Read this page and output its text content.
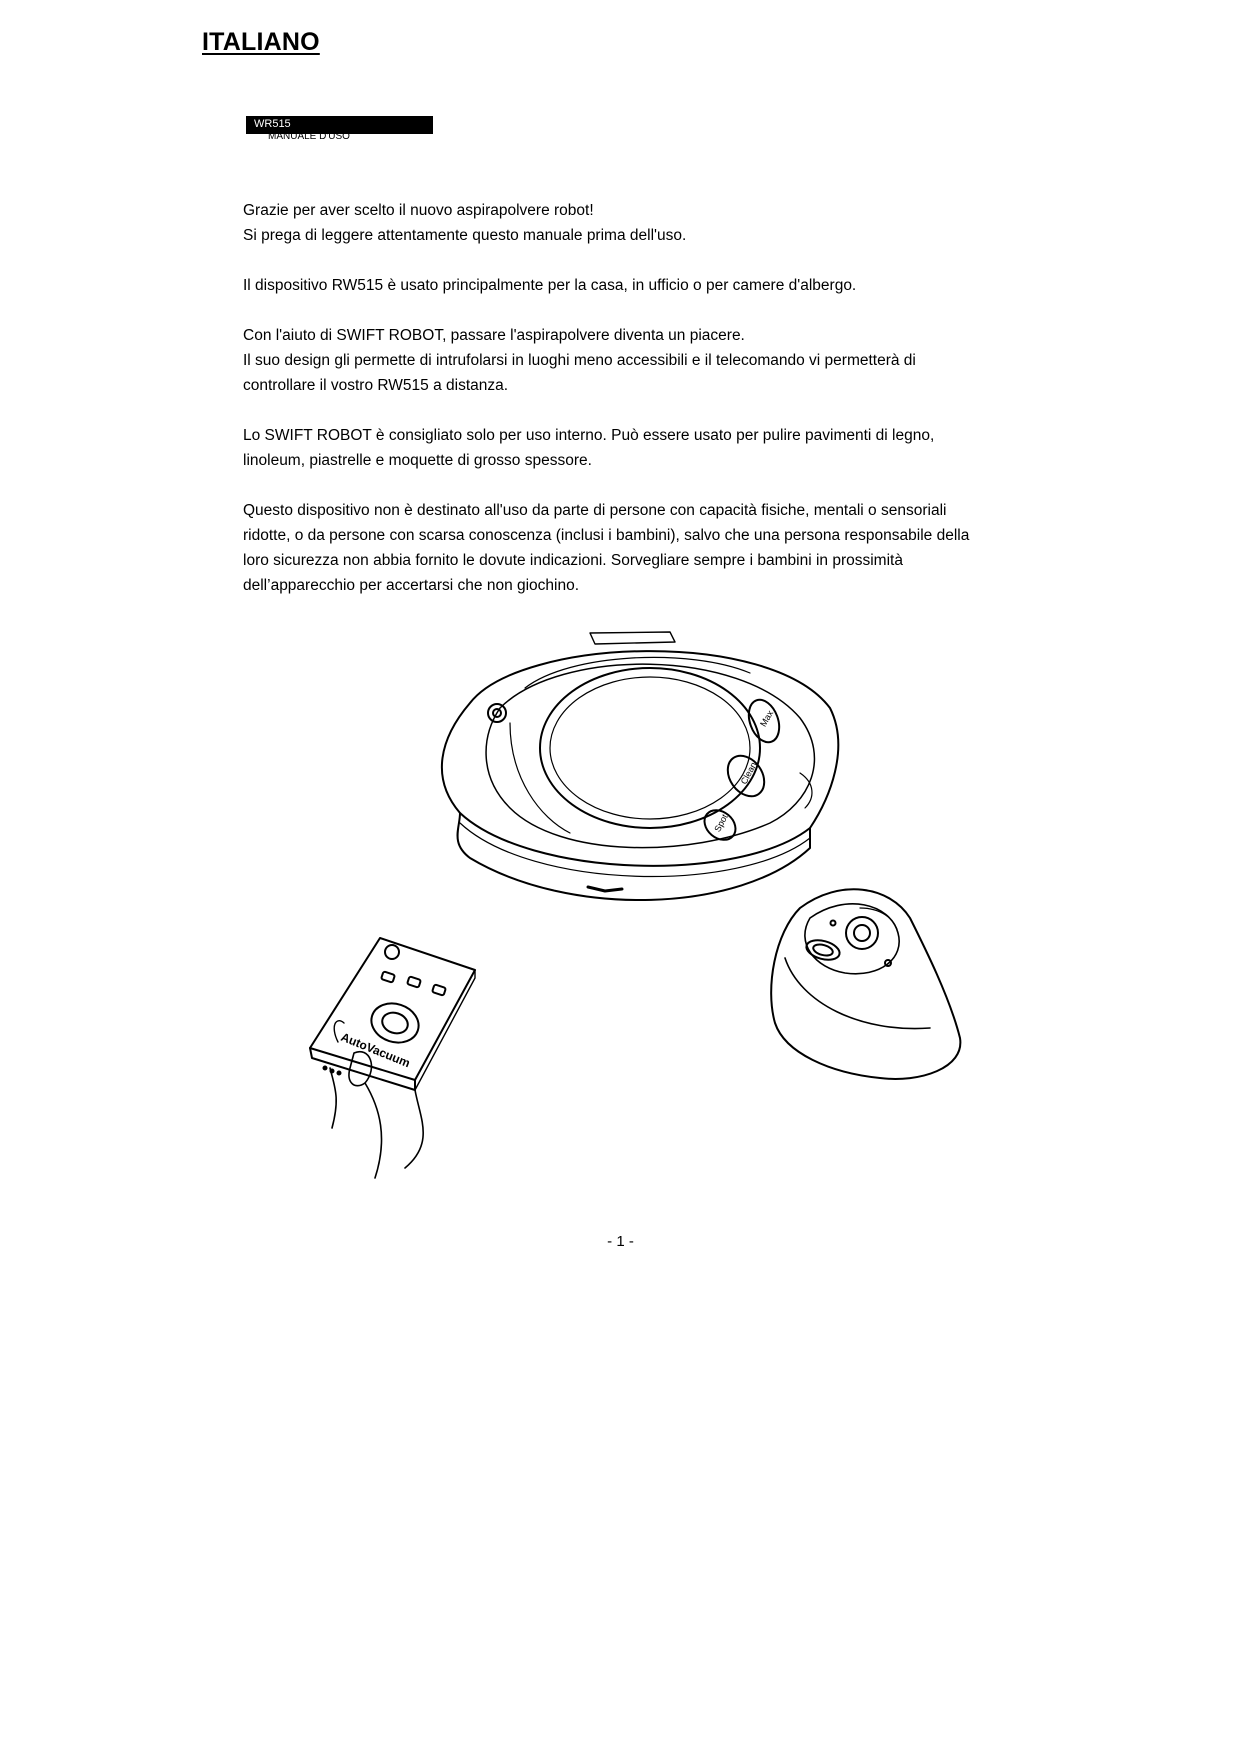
ITALIANO
WR515
MANUALE D'USO

Grazie per aver scelto il nuovo aspirapolvere robot!
Si prega di leggere attentamente questo manuale prima dell'uso.

Il dispositivo RW515 è usato principalmente per la casa, in ufficio o per camere d'albergo.

Con l'aiuto di SWIFT ROBOT, passare l'aspirapolvere diventa un piacere.
Il suo design gli permette di intrufolarsi in luoghi meno accessibili e il telecomando vi permetterà di
controllare il vostro RW515 a distanza.

Lo SWIFT ROBOT è consigliato solo per uso interno. Può essere usato per pulire pavimenti di legno,
linoleum, piastrelle e moquette di grosso spessore.

Questo dispositivo non è destinato all'uso da parte di persone con capacità fisiche, mentali o sensoriali
ridotte, o da persone con scarsa conoscenza (inclusi i bambini), salvo che una persona responsabile della
loro sicurezza non abbia fornito le dovute indicazioni. Sorvegliare sempre i bambini in prossimità
dell’apparecchio per accertarsi che non giochino.

Max
Clean
Spot
AutoVacuum
- 1 -
